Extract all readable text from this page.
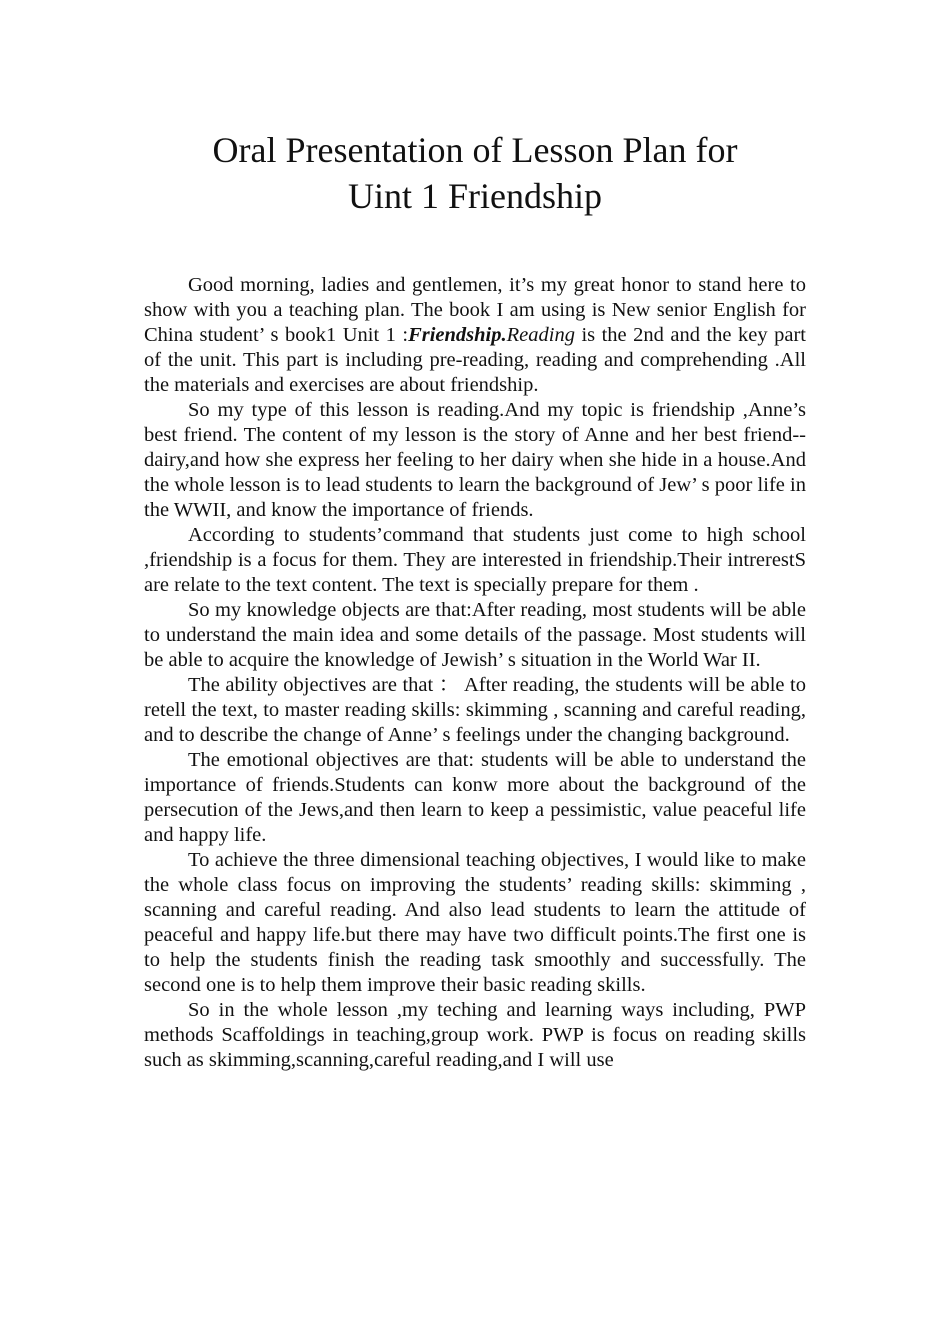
Oral Presentation of Lesson Plan for
Uint 1 Friendship

Good morning, ladies and gentlemen, it’s my great honor to stand here to show with you a teaching plan. The book I am using is New senior English for China student’ s book1 Unit 1 :Friendship.Reading is the 2nd and the key part of the unit. This part is including pre-reading, reading and comprehending .All the materials and exercises are about friendship.

So my type of this lesson is reading.And my topic is friendship ,Anne’s best friend. The content of my lesson is the story of Anne and her best friend--dairy,and how she express her feeling to her dairy when she hide in a house.And the whole lesson is to lead students to learn the background of Jew’ s poor life in the WWII, and know the importance of friends.

According to students’command that students just come to high school ,friendship is a focus for them. They are interested in friendship.Their intrerestS are relate to the text content. The text is specially prepare for them .

So my knowledge objects are that:After reading, most students will be able to understand the main idea and some details of the passage. Most students will be able to acquire the knowledge of Jewish’ s situation in the World War II.

The ability objectives are that ： After reading, the students will be able to retell the text, to master reading skills: skimming , scanning and careful reading, and to describe the change of Anne’ s feelings under the changing background.

The emotional objectives are that: students will be able to understand the importance of friends.Students can konw more about the background of the persecution of the Jews,and then learn to keep a pessimistic, value peaceful life and happy life.

To achieve the three dimensional teaching objectives, I would like to make the whole class focus on improving the students’ reading skills: skimming , scanning and careful reading. And also lead students to learn the attitude of peaceful and happy life.but there may have two difficult points.The first one is to help the students finish the reading task smoothly and successfully. The second one is to help them improve their basic reading skills.

So in the whole lesson ,my teching and learning ways including, PWP methods Scaffoldings in teaching,group work. PWP is focus on reading skills such as skimming,scanning,careful reading,and I will use
